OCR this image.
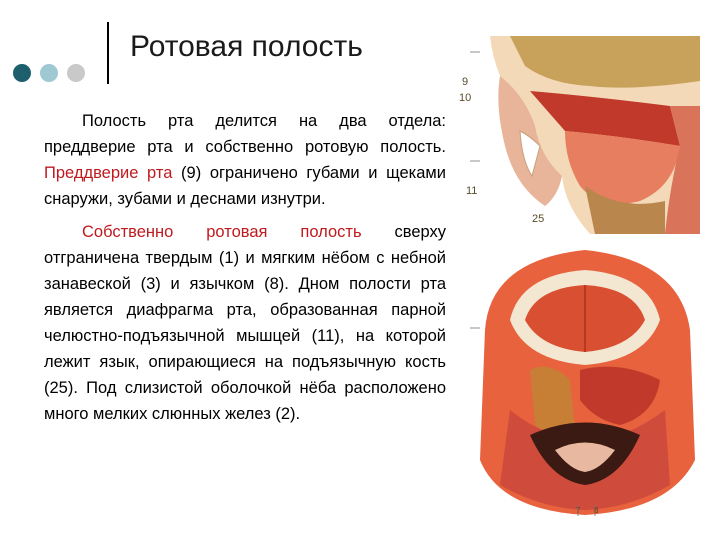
Ротовая полость

Полость рта делится на два отдела: преддверие рта и собственно ротовую полость. Преддверие рта (9) ограничено губами и щеками снаружи, зубами и деснами изнутри.

Собственно ротовая полость сверху отграничена твердым (1) и мягким нёбом с небной занавеской (3) и язычком (8). Дном полости рта является диафрагма рта, образованная парной челюстно-подъязычной мышцей (11), на которой лежит язык, опирающиеся на подъязычную кость (25). Под слизистой оболочкой нёба расположено много мелких слюнных желез (2).

9
10
11
25
7 8
